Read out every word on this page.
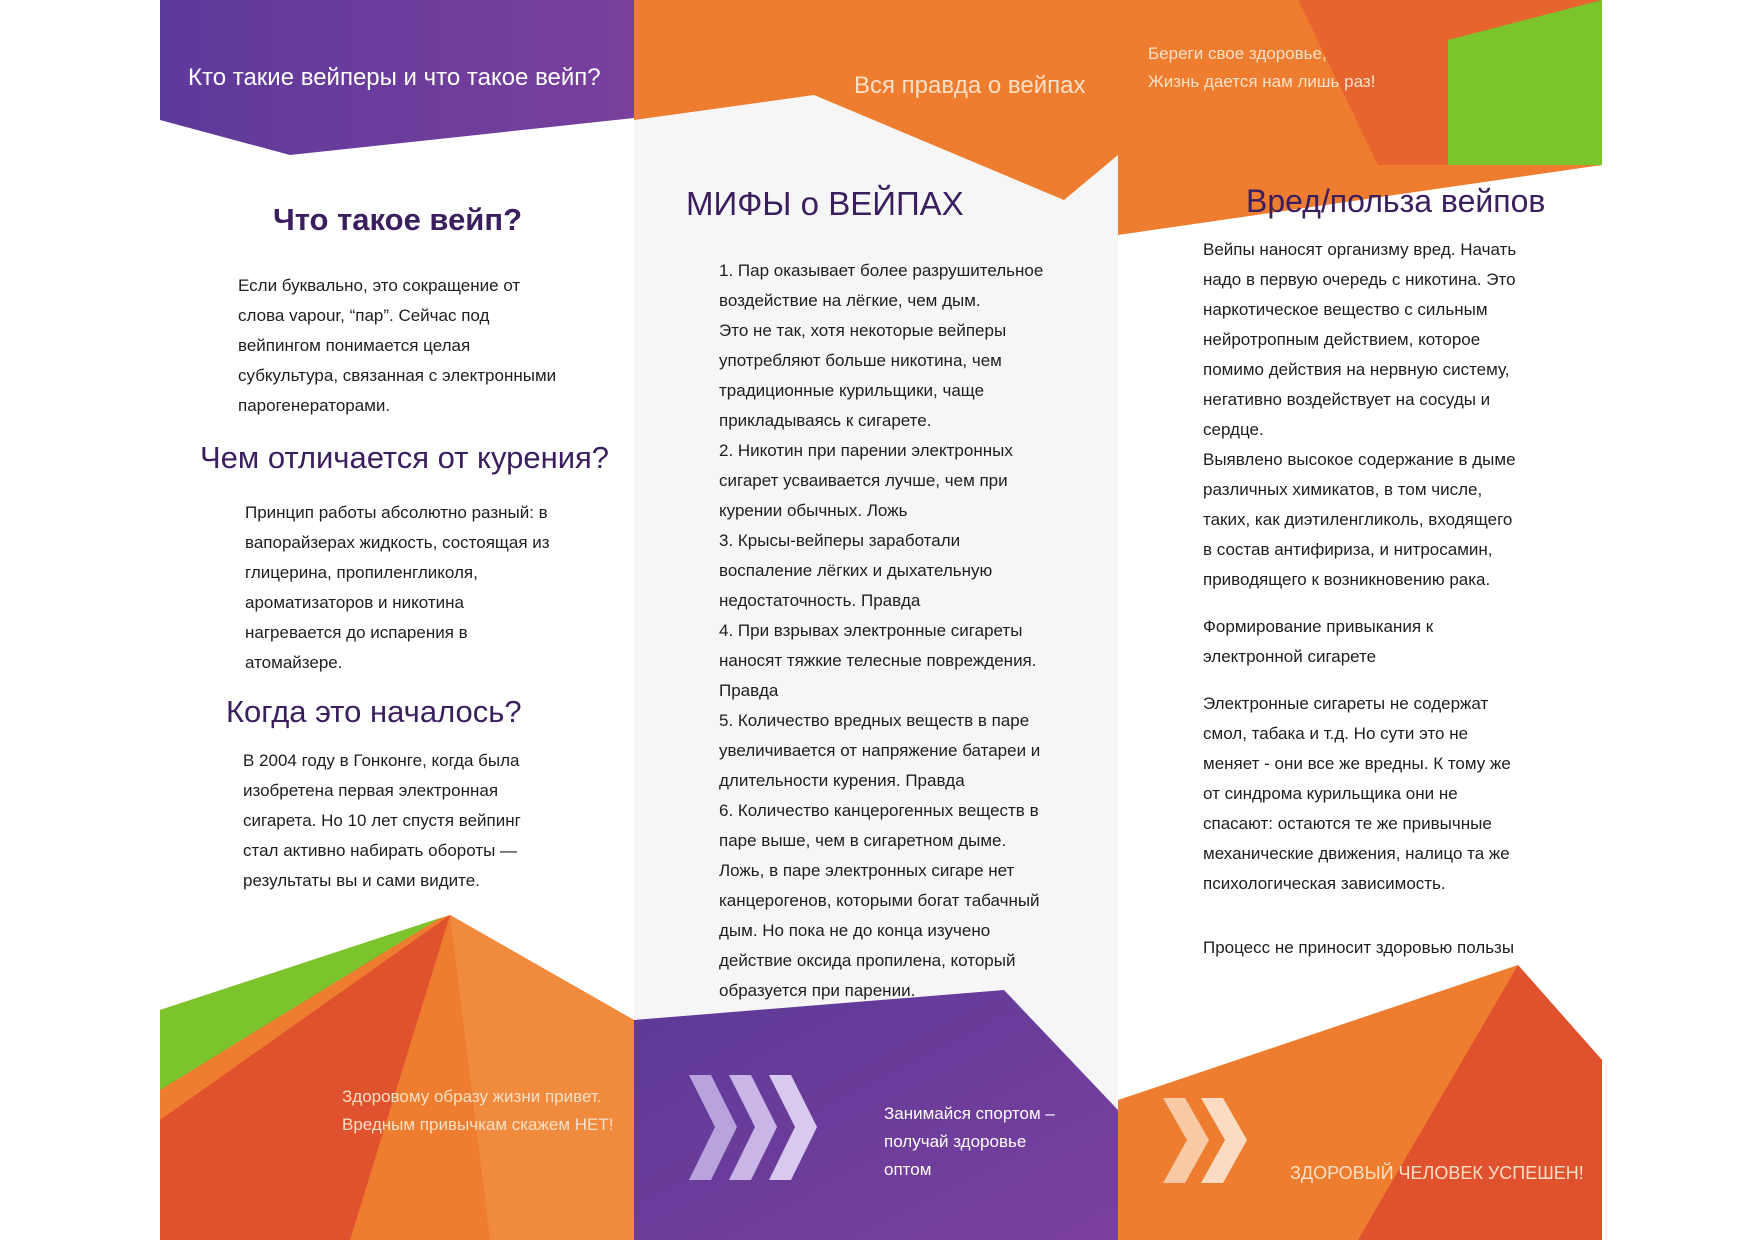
Кто такие вейперы и что такое вейп?
Что такое вейп?

Если буквально, это сокращение от
слова vapour, “пар”. Сейчас под
вейпингом понимается целая
субкультура, связанная с электронными
парогенераторами.

Чем отличается от курения?

Принцип работы абсолютно разный: в
вапорайзерах жидкость, состоящая из
глицерина, пропиленгликоля,
ароматизаторов и никотина
нагревается до испарения в
атомайзере.

Когда это началось?

В 2004 году в Гонконге, когда была
изобретена первая электронная
сигарета. Но 10 лет спустя вейпинг
стал активно набирать обороты —
результаты вы и сами видите.

Здоровому образу жизни привет.
Вредным привычкам скажем НЕТ!

Вся правда о вейпах
МИФЫ о ВЕЙПАХ

1. Пар оказывает более разрушительное
воздействие на лёгкие, чем дым.
Это не так, хотя некоторые вейперы
употребляют больше никотина, чем
традиционные курильщики, чаще
прикладываясь к сигарете.

2. Никотин при парении электронных
сигарет усваивается лучше, чем при
курении обычных. Ложь

3. Крысы-вейперы заработали
воспаление лёгких и дыхательную
недостаточность. Правда

4. При взрывах электронные сигареты
наносят тяжкие телесные повреждения.
Правда

5. Количество вредных веществ в паре
увеличивается от напряжение батареи и
длительности курения. Правда

6. Количество канцерогенных веществ в
паре выше, чем в сигаретном дыме.
Ложь, в паре электронных сигаре нет
канцерогенов, которыми богат табачный
дым. Но пока не до конца изучено
действие оксида пропилена, который
образуется при парении.

Занимайся спортом –
получай здоровье
оптом

Береги свое здоровье,
Жизнь дается нам лишь раз!

Вред/польза вейпов

Вейпы наносят организму вред. Начать
надо в первую очередь с никотина. Это
наркотическое вещество с сильным
нейротропным действием, которое
помимо действия на нервную систему,
негативно воздействует на сосуды и
сердце.
Выявлено высокое содержание в дыме
различных химикатов, в том числе,
таких, как диэтиленгликоль, входящего
в состав антифириза, и нитросамин,
приводящего к возникновению рака.

Формирование привыкания к
электронной сигарете

Электронные сигареты не содержат
смол, табака и т.д. Но сути это не
меняет - они все же вредны. К тому же
от синдрома курильщика они не
спасают: остаются те же привычные
механические движения, налицо та же
психологическая зависимость.

Процесс не приносит здоровью пользы

ЗДОРОВЫЙ ЧЕЛОВЕК УСПЕШЕН!
